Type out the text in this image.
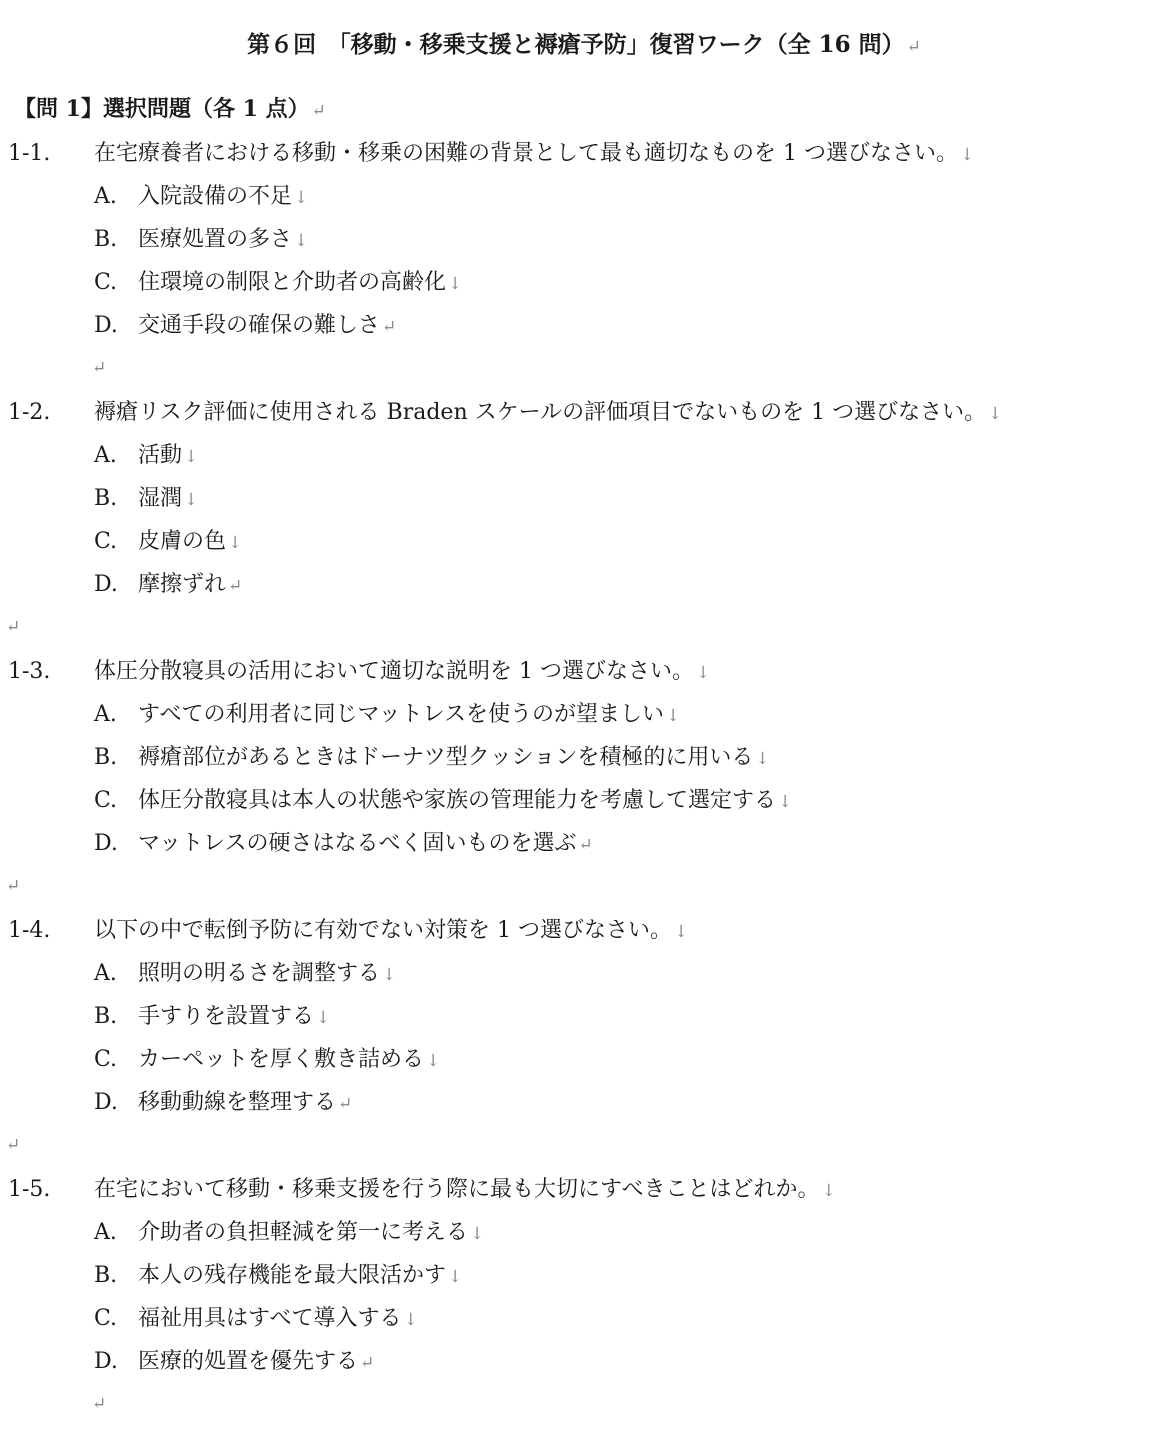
第６回　「移動・移乗支援と褥瘡予防」復習ワーク（全 16 問） ↵
【問 1】選択問題（各 1 点） ↵
1-1. 在宅療養者における移動・移乗の困難の背景として最も適切なものを 1 つ選びなさい。 ↓
A. 入院設備の不足 ↓
B. 医療処置の多さ ↓
C. 住環境の制限と介助者の高齢化 ↓
D. 交通手段の確保の難しさ ↵
↵
1-2. 褥瘡リスク評価に使用される Braden スケールの評価項目でないものを 1 つ選びなさい。 ↓
A. 活動 ↓
B. 湿潤 ↓
C. 皮膚の色 ↓
D. 摩擦ずれ ↵
↵
1-3. 体圧分散寝具の活用において適切な説明を 1 つ選びなさい。 ↓
A. すべての利用者に同じマットレスを使うのが望ましい ↓
B. 褥瘡部位があるときはドーナツ型クッションを積極的に用いる ↓
C. 体圧分散寝具は本人の状態や家族の管理能力を考慮して選定する ↓
D. マットレスの硬さはなるべく固いものを選ぶ ↵
↵
1-4. 以下の中で転倒予防に有効でない対策を 1 つ選びなさい。 ↓
A. 照明の明るさを調整する ↓
B. 手すりを設置する ↓
C. カーペットを厚く敷き詰める ↓
D. 移動動線を整理する ↵
↵
1-5. 在宅において移動・移乗支援を行う際に最も大切にすべきことはどれか。 ↓
A. 介助者の負担軽減を第一に考える ↓
B. 本人の残存機能を最大限活かす ↓
C. 福祉用具はすべて導入する ↓
D. 医療的処置を優先する ↵
↵
